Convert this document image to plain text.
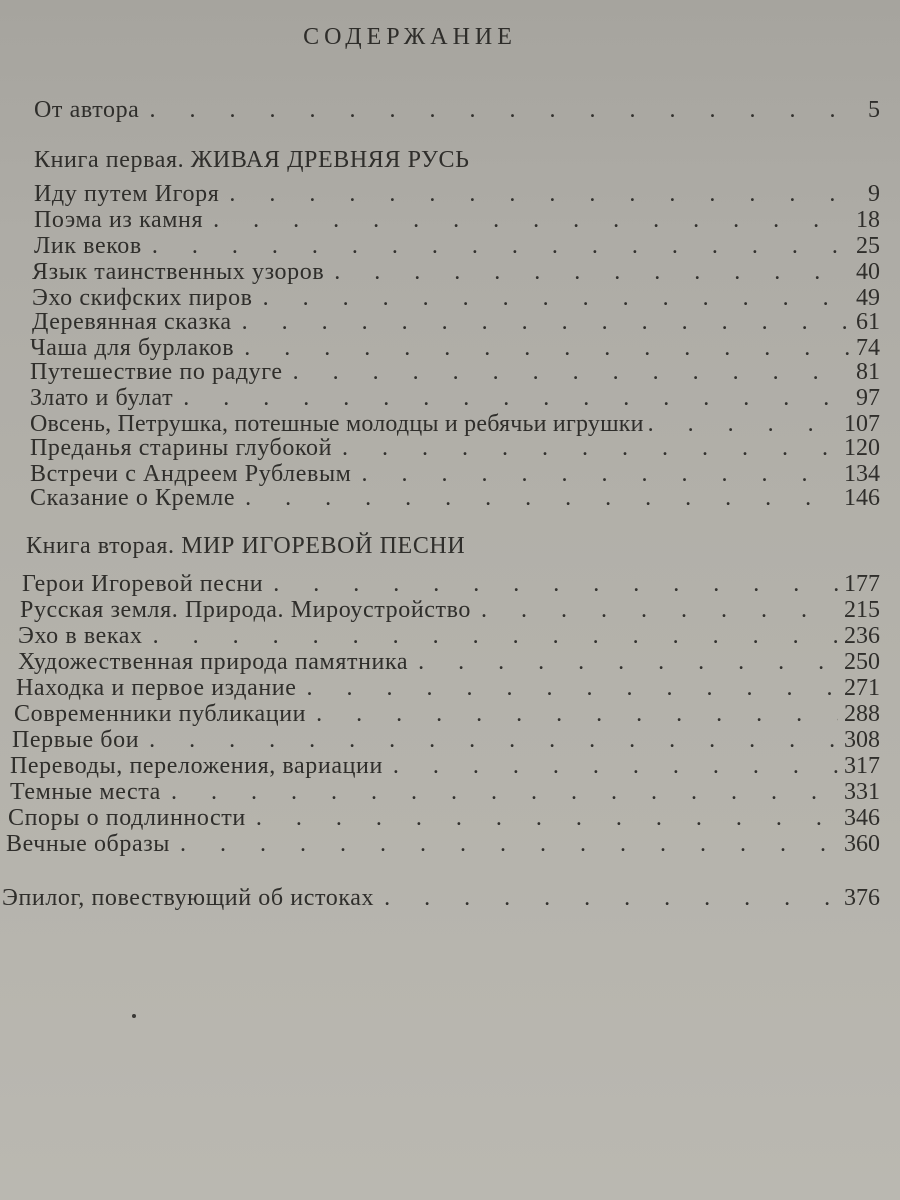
СОДЕРЖАНИЕ
От автора . . .	5
Книга первая. ЖИВАЯ ДРЕВНЯЯ РУСЬ
Иду путем Игоря . . .	9
Поэма из камня . . .	18
Лик веков . . .	25
Язык таинственных узоров . . .	40
Эхо скифских пиров . . .	49
Деревянная сказка . . .	61
Чаша для бурлаков . . .	74
Путешествие по радуге . . .	81
Злато и булат . . .	97
Овсень, Петрушка, потешные молодцы и ребячьи игрушки . . .	107
Преданья старины глубокой . . .	120
Встречи с Андреем Рублевым . . .	134
Сказание о Кремле . . .	146
Книга вторая. МИР ИГОРЕВОЙ ПЕСНИ
Герои Игоревой песни . . .	177
Русская земля. Природа. Мироустройство . . .	215
Эхо в веках . . .	236
Художественная природа памятника . . .	250
Находка и первое издание . . .	271
Современники публикации . . .	288
Первые бои . . .	308
Переводы, переложения, вариации . . .	317
Темные места . . .	331
Споры о подлинности . . .	346
Вечные образы . . .	360
Эпилог, повествующий об истоках . . .	376
